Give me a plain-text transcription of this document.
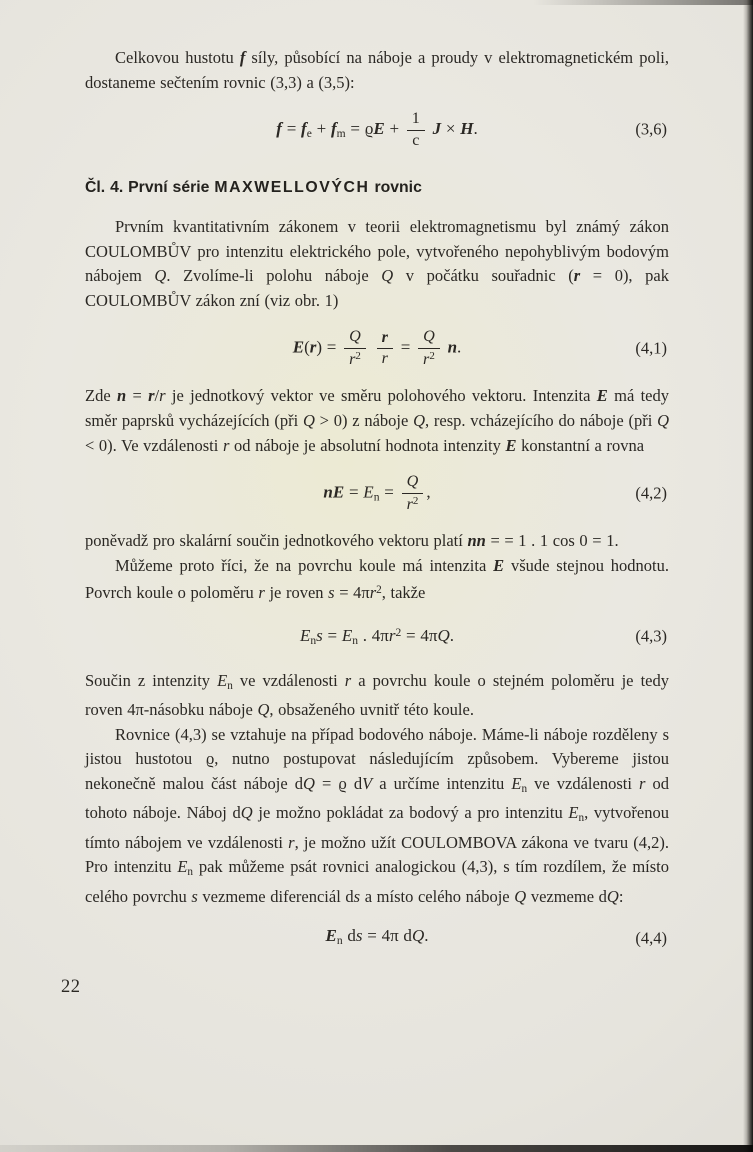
Celkovou hustotu f síly, působící na náboje a proudy v elektromagnetickém poli, dostaneme sečtením rovnic (3,3) a (3,5):

$f = f_e + f_m = ϱE + \frac{1}{c}$ J × H.	(3,6)
Čl. 4. První série MAXWELLOVÝCH rovnic

Prvním kvantitativním zákonem v teorii elektromagnetismu byl známý zákon COULOMBŮV pro intenzitu elektrického pole, vytvořeného nepohyblivým bodovým nábojem Q. Zvolíme-li polohu náboje Q v počátku souřadnic (r = 0), pak COULOMBŮV zákon zní (viz obr. 1)

$E(r) = \frac{Q}{r^2}$
$\frac{r}{r} = \frac{Q}{r^2} n$.	(4,1)

Zde n = r/r je jednotkový vektor ve směru polohového vektoru. Intenzita E má tedy směr paprsků vycházejících (při Q > 0) z náboje Q, resp. vcházejícího do náboje (při Q < 0). Ve vzdálenosti r od náboje je absolutní hodnota intenzity E konstantní a rovna

nE = $E_n = \frac{Q}{r^2}$ ,	(4,2)

poněvadž pro skalární součin jednotkového vektoru platí nn = = 1 . 1 cos 0 = 1.

Můžeme proto říci, že na povrchu koule má intenzita E všude stejnou hodnotu. Povrch koule o poloměru r je roven $s = 4\pi r^2$, takže

$E_ns = E_n$ . $4\pi r^2 = 4\pi Q$.	(4,3)

Součin z intenzity $E_n$ ve vzdálenosti r a povrchu koule o stejném poloměru je tedy roven 4π-násobku náboje Q, obsaženého uvnitř této koule.

Rovnice (4,3) se vztahuje na případ bodového náboje. Máme-li náboje rozděleny s jistou hustotou ϱ, nutno postupovat následujícím způsobem. Vybereme jistou nekonečně malou část náboje dQ = ϱ dV a určíme intenzitu $E_n$ ve vzdálenosti r od tohoto náboje. Náboj dQ je možno pokládat za bodový a pro intenzitu $E_n$, vytvořenou tímto nábojem ve vzdálenosti r, je možno užít COULOMBOVA zákona ve tvaru (4,2). Pro intenzitu $E_n$ pak můžeme psát rovnici analogickou (4,3), s tím rozdílem, že místo celého povrchu s vezmeme diferenciál ds a místo celého náboje Q vezmeme dQ:

$E_n$ ds = 4π dQ.	(4,4)
22
